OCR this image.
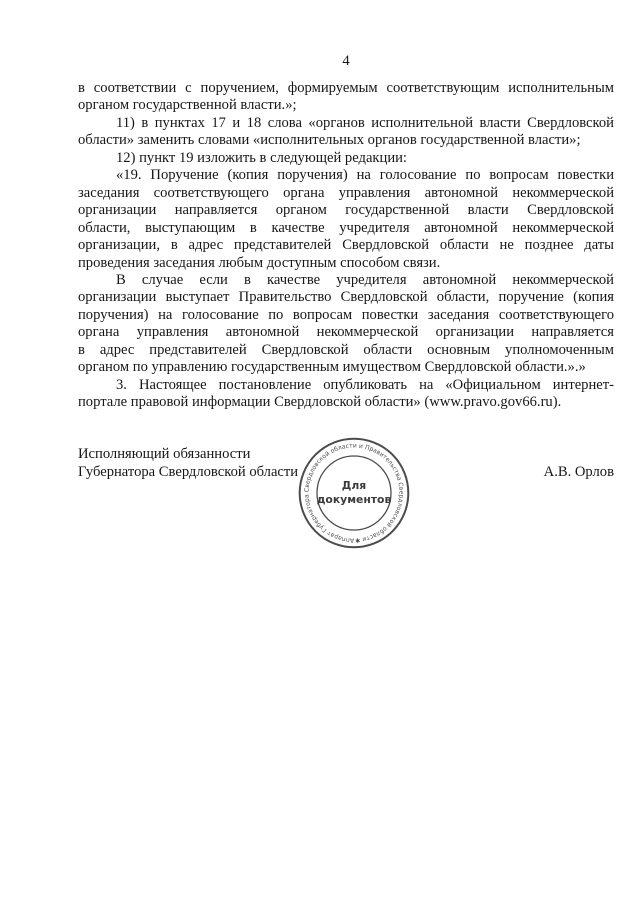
4
в соответствии с поручением, формируемым соответствующим исполнительным
органом государственной власти.»;
11) в пунктах 17 и 18 слова «органов исполнительной власти Свердловской
области» заменить словами «исполнительных органов государственной власти»;
12) пункт 19 изложить в следующей редакции:
«19. Поручение (копия поручения) на голосование по вопросам повестки
заседания соответствующего органа управления автономной некоммерческой
организации направляется органом государственной власти Свердловской
области, выступающим в качестве учредителя автономной некоммерческой
организации, в адрес представителей Свердловской области не позднее даты
проведения заседания любым доступным способом связи.
В случае если в качестве учредителя автономной некоммерческой
организации выступает Правительство Свердловской области, поручение (копия
поручения) на голосование по вопросам повестки заседания соответствующего
органа управления автономной некоммерческой организации направляется
в адрес представителей Свердловской области основным уполномоченным
органом по управлению государственным имуществом Свердловской области.».»
3. Настоящее постановление опубликовать на «Официальном интернет-
портале правовой информации Свердловской области» (www.pravo.gov66.ru).
Исполняющий обязанности
Губернатора Свердловской области	А.В. Орлов
Аппарат Губернатора Свердловской области и Правительства Свердловской области ✱
Для
документов
